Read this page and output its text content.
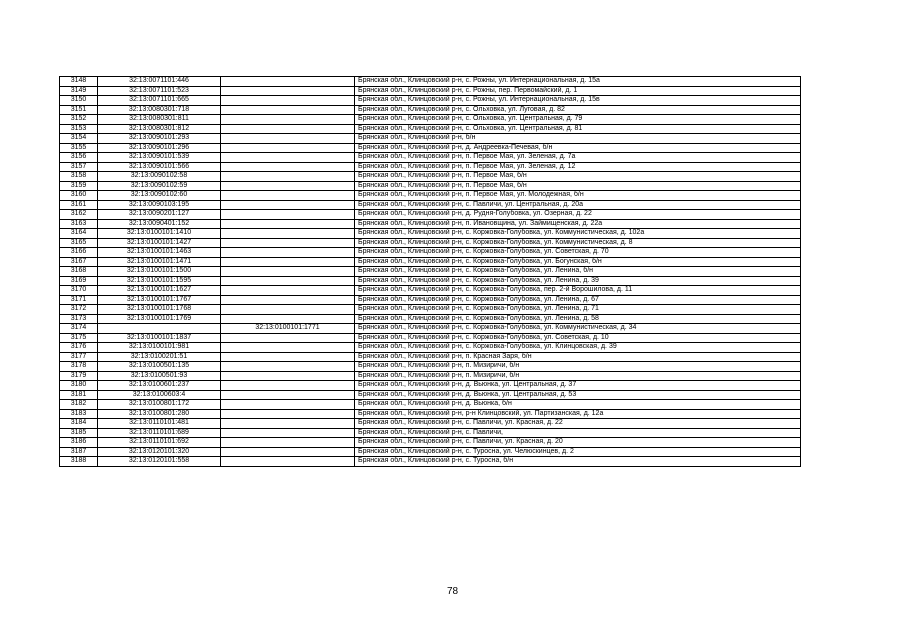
3148	32:13:0071101:446		Брянская обл., Клинцовский р-н, с. Рожны, ул. Интернациональная, д. 15а
3149	32:13:0071101:523		Брянская обл., Клинцовский р-н, с. Рожны, пер. Первомайский, д. 1
3150	32:13:0071101:665		Брянская обл., Клинцовский р-н, с. Рожны, ул. Интернациональная, д. 15в
3151	32:13:0080301:718		Брянская обл., Клинцовский р-н, с. Ольховка, ул. Луговая, д. 82
3152	32:13:0080301:811		Брянская обл., Клинцовский р-н, с. Ольховка, ул. Центральная, д. 79
3153	32:13:0080301:812		Брянская обл., Клинцовский р-н, с. Ольховка, ул. Центральная, д. 81
3154	32:13:0090101:293		Брянская обл., Клинцовский р-н, б/н
3155	32:13:0090101:296		Брянская обл., Клинцовский р-н, д. Андреевка-Печевая, б/н
3156	32:13:0090101:539		Брянская обл., Клинцовский р-н, п. Первое Мая, ул. Зеленая, д. 7а
3157	32:13:0090101:566		Брянская обл., Клинцовский р-н, п. Первое Мая, ул. Зеленая, д. 12
3158	32:13:0090102:58		Брянская обл., Клинцовский р-н, п. Первое Мая, б/н
3159	32:13:0090102:59		Брянская обл., Клинцовский р-н, п. Первое Мая, б/н
3160	32:13:0090102:60		Брянская обл., Клинцовский р-н, п. Первое Мая, ул. Молодежная, б/н
3161	32:13:0090103:195		Брянская обл., Клинцовский р-н, с. Павличи, ул. Центральная, д. 20а
3162	32:13:0090201:127		Брянская обл., Клинцовский р-н, д. Рудня-Голубовка, ул. Озерная, д. 22
3163	32:13:0090401:152		Брянская обл., Клинцовский р-н, п. Ивановщина, ул. Займищенская, д. 22а
3164	32:13:0100101:1410		Брянская обл., Клинцовский р-н, с. Коржовка-Голубовка, ул. Коммунистическая, д. 102а
3165	32:13:0100101:1427		Брянская обл., Клинцовский р-н, с. Коржовка-Голубовка, ул. Коммунистическая, д. 8
3166	32:13:0100101:1463		Брянская обл., Клинцовский р-н, с. Коржовка-Голубовка, ул. Советская, д. 70
3167	32:13:0100101:1471		Брянская обл., Клинцовский р-н, с. Коржовка-Голубовка, ул. Богунская, б/н
3168	32:13:0100101:1500		Брянская обл., Клинцовский р-н, с. Коржовка-Голубовка, ул. Ленина, б/н
3169	32:13:0100101:1595		Брянская обл., Клинцовский р-н, с. Коржовка-Голубовка, ул. Ленина, д. 39
3170	32:13:0100101:1627		Брянская обл., Клинцовский р-н, с. Коржовка-Голубовка, пер. 2-й Ворошилова, д. 11
3171	32:13:0100101:1767		Брянская обл., Клинцовский р-н, с. Коржовка-Голубовка, ул. Ленина, д. 67
3172	32:13:0100101:1768		Брянская обл., Клинцовский р-н, с. Коржовка-Голубовка, ул. Ленина, д. 71
3173	32:13:0100101:1769		Брянская обл., Клинцовский р-н, с. Коржовка-Голубовка, ул. Ленина, д. 58
3174		32:13:0100101:1771	Брянская обл., Клинцовский р-н, с. Коржовка-Голубовка, ул. Коммунистическая, д. 34
3175	32:13:0100101:1837		Брянская обл., Клинцовский р-н, с. Коржовка-Голубовка, ул. Советская, д. 10
3176	32:13:0100101:981		Брянская обл., Клинцовский р-н, с. Коржовка-Голубовка, ул. Клинцовская, д. 39
3177	32:13:0100201:51		Брянская обл., Клинцовский р-н, п. Красная Заря, б/н
3178	32:13:0100501:135		Брянская обл., Клинцовский р-н, п. Мизиричи, б/н
3179	32:13:0100501:93		Брянская обл., Клинцовский р-н, п. Мизиричи, б/н
3180	32:13:0100601:237		Брянская обл., Клинцовский р-н, д. Вьюнка, ул. Центральная, д. 37
3181	32:13:0100603:4		Брянская обл., Клинцовский р-н, д. Вьюнка, ул. Центральная, д. 53
3182	32:13:0100801:172		Брянская обл., Клинцовский р-н, д. Вьюнка, б/н
3183	32:13:0100801:280		Брянская обл., Клинцовский р-н, р-н Клинцовский, ул. Партизанская, д. 12а
3184	32:13:0110101:481		Брянская обл., Клинцовский р-н, с. Павличи, ул. Красная, д. 22
3185	32:13:0110101:689		Брянская обл., Клинцовский р-н, с. Павличи,
3186	32:13:0110101:692		Брянская обл., Клинцовский р-н, с. Павличи, ул. Красная, д. 20
3187	32:13:0120101:320		Брянская обл., Клинцовский р-н, с. Туросна, ул. Челюскинцев, д. 2
3188	32:13:0120101:558		Брянская обл., Клинцовский р-н, с. Туросна, б/н
78
